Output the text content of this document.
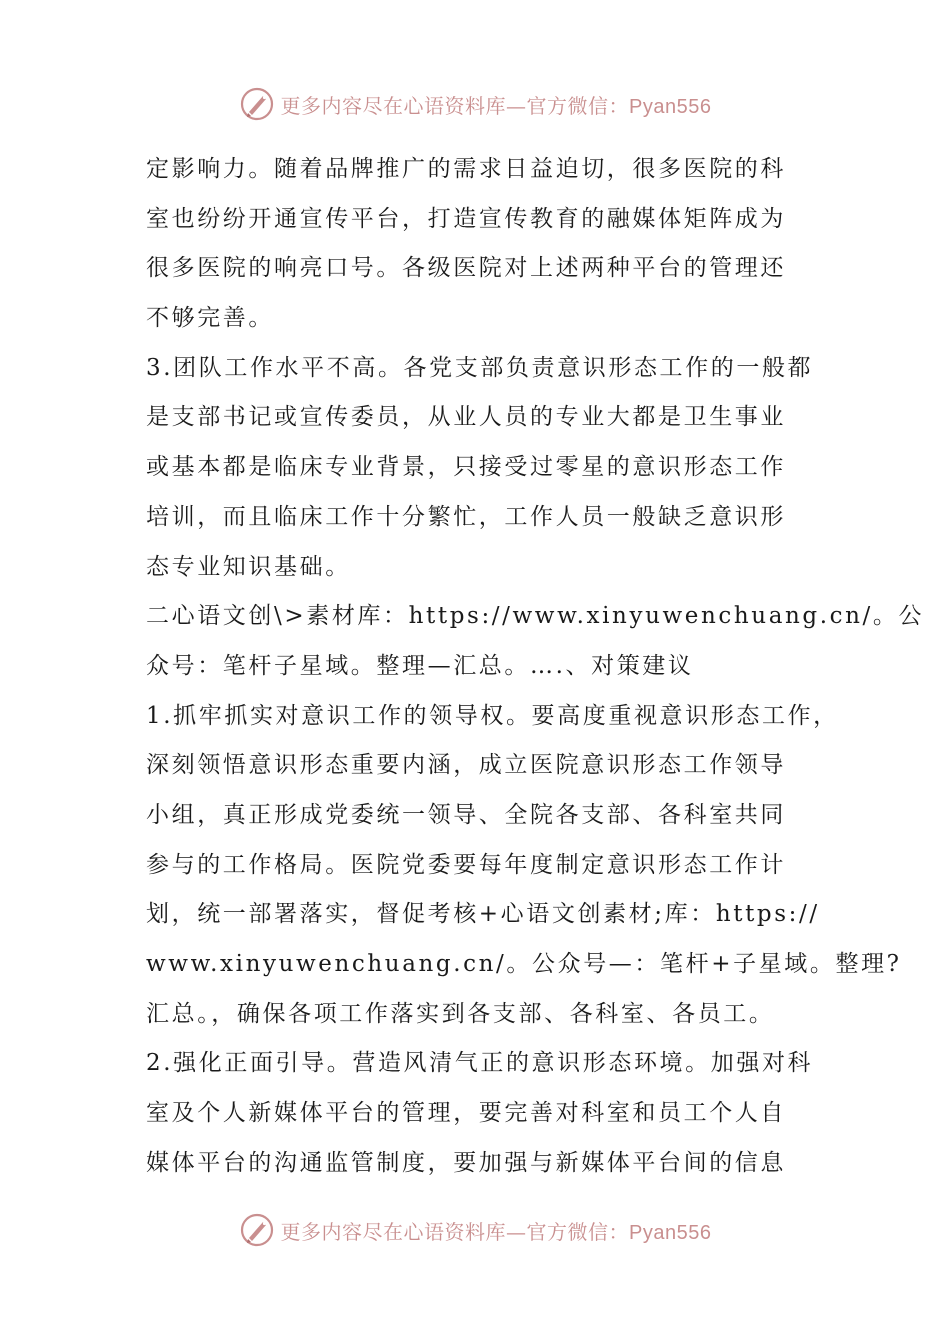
更多内容尽在心语资料库—官方微信：Pyan556
定影响力。随着品牌推广的需求日益迫切，很多医院的科
室也纷纷开通宣传平台，打造宣传教育的融媒体矩阵成为
很多医院的响亮口号。各级医院对上述两种平台的管理还
不够完善。
3.团队工作水平不高。各党支部负责意识形态工作的一般都
是支部书记或宣传委员，从业人员的专业大都是卫生事业
或基本都是临床专业背景，只接受过零星的意识形态工作
培训，而且临床工作十分繁忙，工作人员一般缺乏意识形
态专业知识基础。
二心语文创\>素材库：https://www.xinyuwenchuang.cn/。公
众号：笔杆子星域。整理—汇总。….、对策建议
1.抓牢抓实对意识工作的领导权。要高度重视意识形态工作，
深刻领悟意识形态重要内涵，成立医院意识形态工作领导
小组，真正形成党委统一领导、全院各支部、各科室共同
参与的工作格局。医院党委要每年度制定意识形态工作计
划，统一部署落实，督促考核+心语文创素材;库：https://
www.xinyuwenchuang.cn/。公众号—：笔杆+子星域。整理?
汇总。，确保各项工作落实到各支部、各科室、各员工。
2.强化正面引导。营造风清气正的意识形态环境。加强对科
室及个人新媒体平台的管理，要完善对科室和员工个人自
媒体平台的沟通监管制度，要加强与新媒体平台间的信息
更多内容尽在心语资料库—官方微信：Pyan556
